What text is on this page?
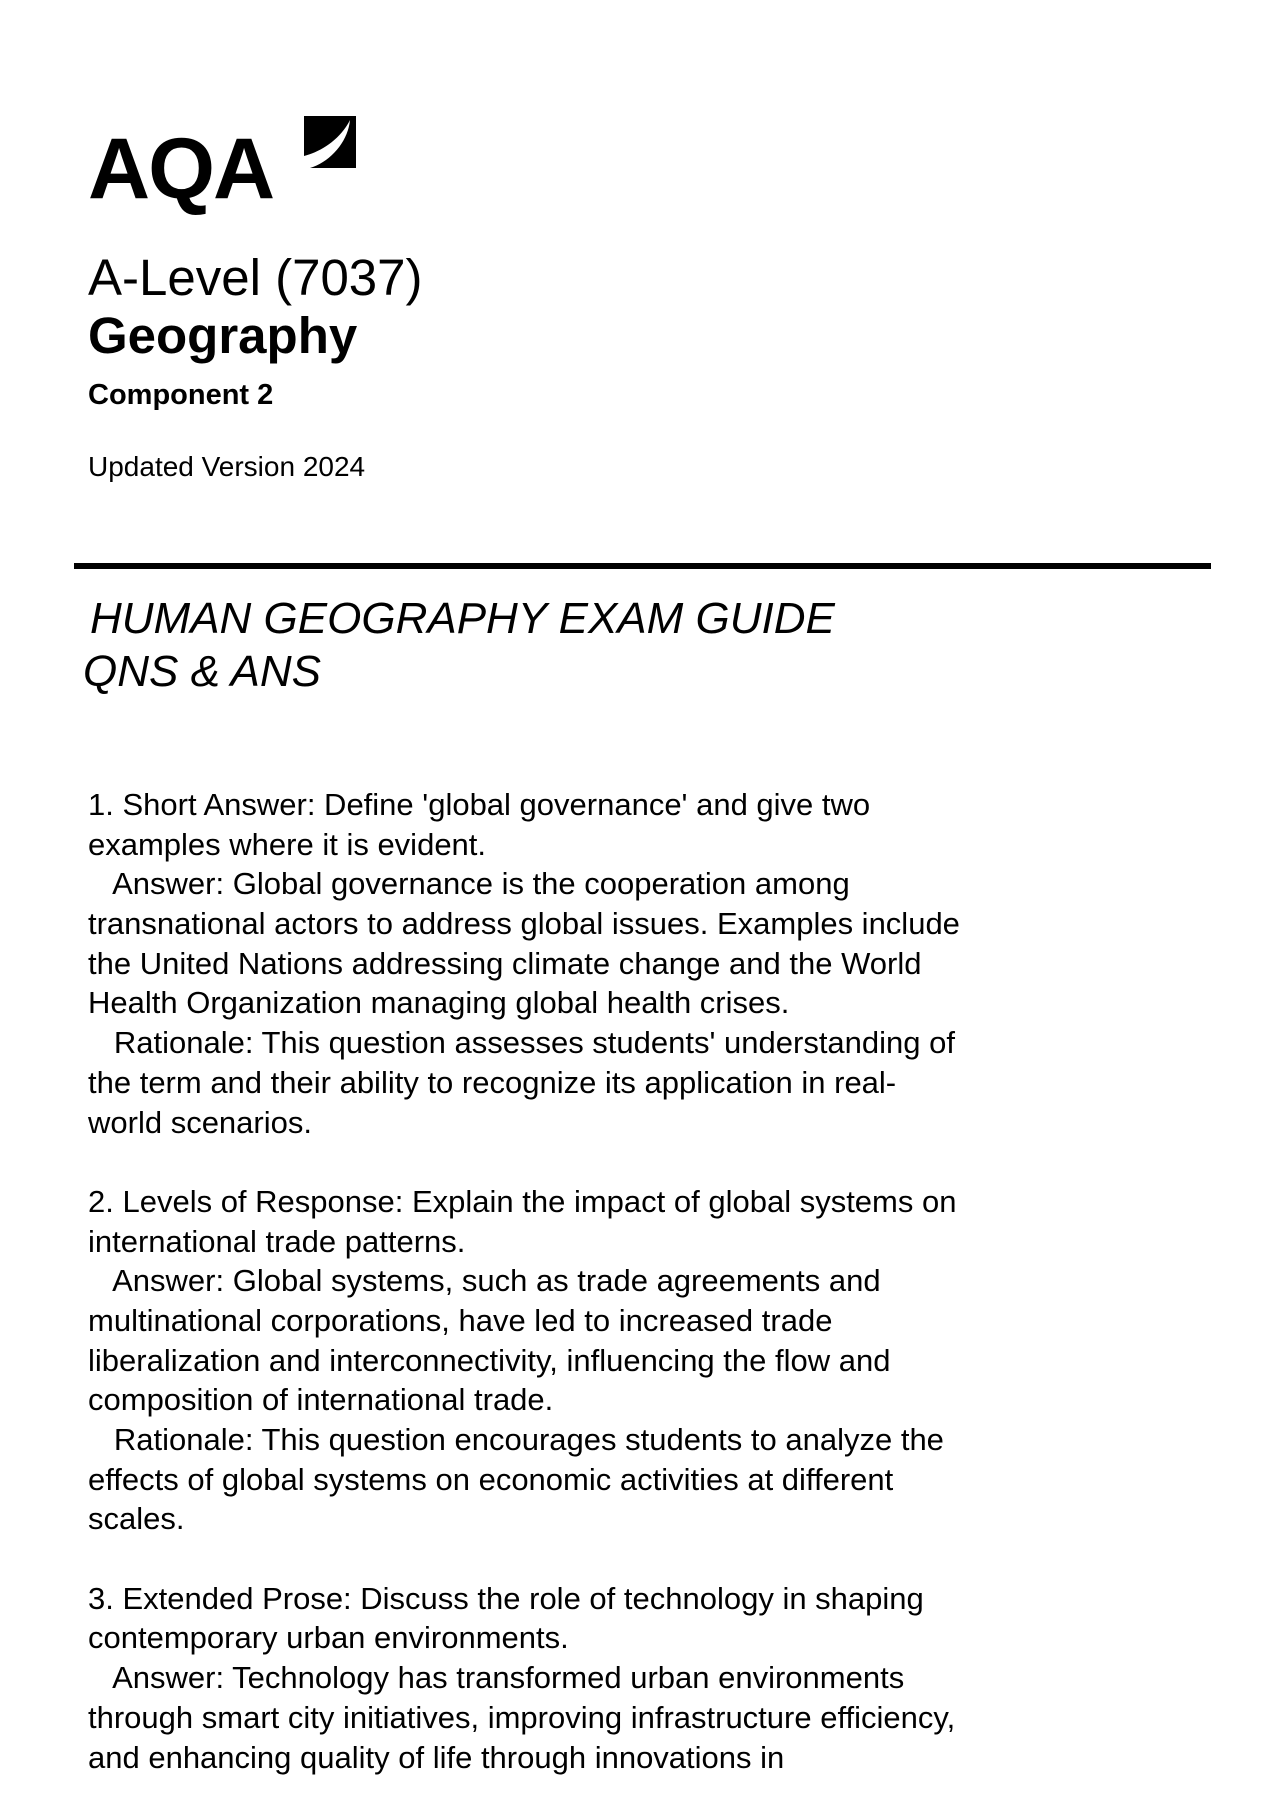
AQA
A-Level (7037)
Geography
Component 2
Updated Version 2024
HUMAN GEOGRAPHY EXAM GUIDE
QNS & ANS
1. Short Answer: Define 'global governance' and give two
examples where it is evident.
Answer: Global governance is the cooperation among
transnational actors to address global issues. Examples include
the United Nations addressing climate change and the World
Health Organization managing global health crises.
Rationale: This question assesses students' understanding of
the term and their ability to recognize its application in real-
world scenarios.
2. Levels of Response: Explain the impact of global systems on
international trade patterns.
Answer: Global systems, such as trade agreements and
multinational corporations, have led to increased trade
liberalization and interconnectivity, influencing the flow and
composition of international trade.
Rationale: This question encourages students to analyze the
effects of global systems on economic activities at different
scales.
3. Extended Prose: Discuss the role of technology in shaping
contemporary urban environments.
Answer: Technology has transformed urban environments
through smart city initiatives, improving infrastructure efficiency,
and enhancing quality of life through innovations in
